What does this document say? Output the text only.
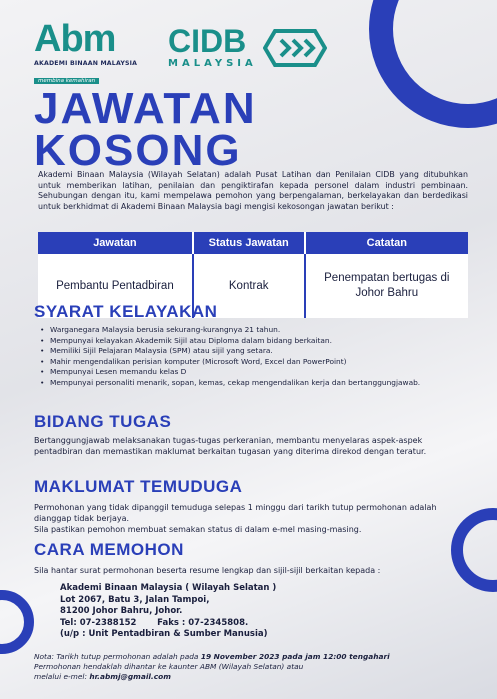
Abm
AKADEMI BINAAN MALAYSIA
membina kemahiran
CIDB
MALAYSIA
JAWATAN
KOSONG
Akademi Binaan Malaysia (Wilayah Selatan) adalah Pusat Latihan dan Penilaian CIDB yang ditubuhkan untuk memberikan latihan, penilaian dan pengiktirafan kepada personel dalam industri pembinaan. Sehubungan dengan itu, kami mempelawa pemohon yang berpengalaman, berkelayakan dan berdedikasi untuk berkhidmat di Akademi Binaan Malaysia bagi mengisi kekosongan jawatan berikut :
Jawatan	Status Jawatan	Catatan
Pembantu Pentadbiran	Kontrak	Penempatan bertugas di Johor Bahru
SYARAT KELAYAKAN
• Warganegara Malaysia berusia sekurang-kurangnya 21 tahun.
• Mempunyai kelayakan Akademik Sijil atau Diploma dalam bidang berkaitan.
• Memiliki Sijil Pelajaran Malaysia (SPM) atau sijil yang setara.
• Mahir mengendalikan perisian komputer (Microsoft Word, Excel dan PowerPoint)
• Mempunyai Lesen memandu kelas D
• Mempunyai personaliti menarik, sopan, kemas, cekap mengendalikan kerja dan bertanggungjawab.
BIDANG TUGAS
Bertanggungjawab melaksanakan tugas-tugas perkeranian, membantu menyelaras aspek-aspek pentadbiran dan memastikan maklumat berkaitan tugasan yang diterima direkod dengan teratur.
MAKLUMAT TEMUDUGA
Permohonan yang tidak dipanggil temuduga selepas 1 minggu dari tarikh tutup permohonan adalah dianggap tidak berjaya.
Sila pastikan pemohon membuat semakan status di dalam e-mel masing-masing.
CARA MEMOHON
Sila hantar surat permohonan beserta resume lengkap dan sijil-sijil berkaitan kepada :
Akademi Binaan Malaysia ( Wilayah Selatan )
Lot 2067, Batu 3, Jalan Tampoi,
81200 Johor Bahru, Johor.
Tel: 07-2388152       Faks : 07-2345808.
(u/p : Unit Pentadbiran & Sumber Manusia)
Nota: Tarikh tutup permohonan adalah pada 19 November 2023 pada jam 12:00 tengahari
Permohonan hendaklah dihantar ke kaunter ABM (Wilayah Selatan) atau
melalui e-mel: hr.abmj@gmail.com
